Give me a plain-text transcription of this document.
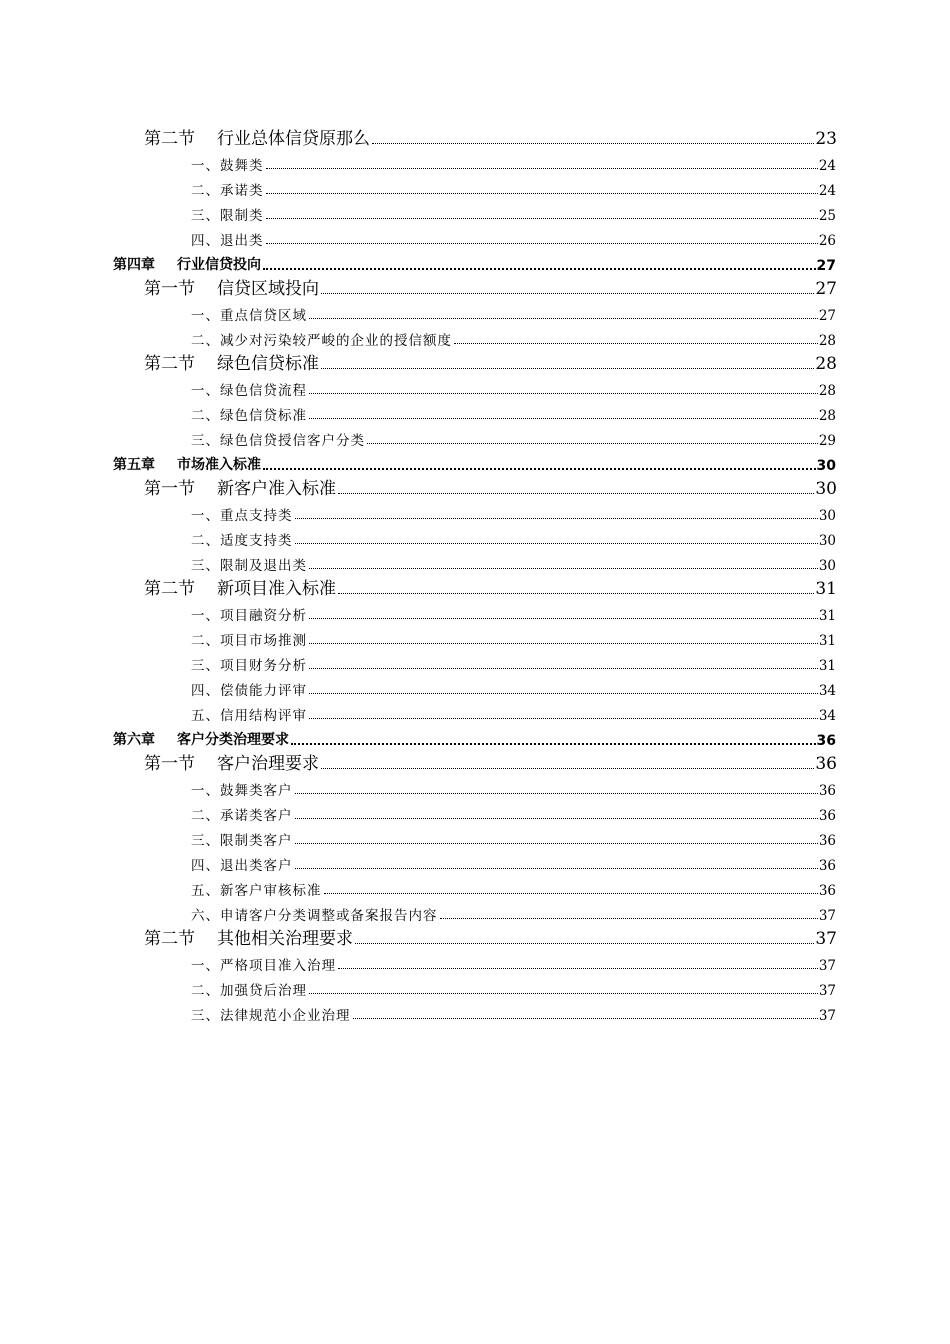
第二节 行业总体信贷原那么	23
一、鼓舞类	24
二、承诺类	24
三、限制类	25
四、退出类	26
第四章 行业信贷投向	27
第一节 信贷区域投向	27
一、重点信贷区域	27
二、减少对污染较严峻的企业的授信额度	28
第二节 绿色信贷标准	28
一、绿色信贷流程	28
二、绿色信贷标准	28
三、绿色信贷授信客户分类	29
第五章 市场准入标准	30
第一节 新客户准入标准	30
一、重点支持类	30
二、适度支持类	30
三、限制及退出类	30
第二节 新项目准入标准	31
一、项目融资分析	31
二、项目市场推测	31
三、项目财务分析	31
四、偿债能力评审	34
五、信用结构评审	34
第六章 客户分类治理要求	36
第一节 客户治理要求	36
一、鼓舞类客户	36
二、承诺类客户	36
三、限制类客户	36
四、退出类客户	36
五、新客户审核标准	36
六、申请客户分类调整或备案报告内容	37
第二节 其他相关治理要求	37
一、严格项目准入治理	37
二、加强贷后治理	37
三、法律规范小企业治理	37
